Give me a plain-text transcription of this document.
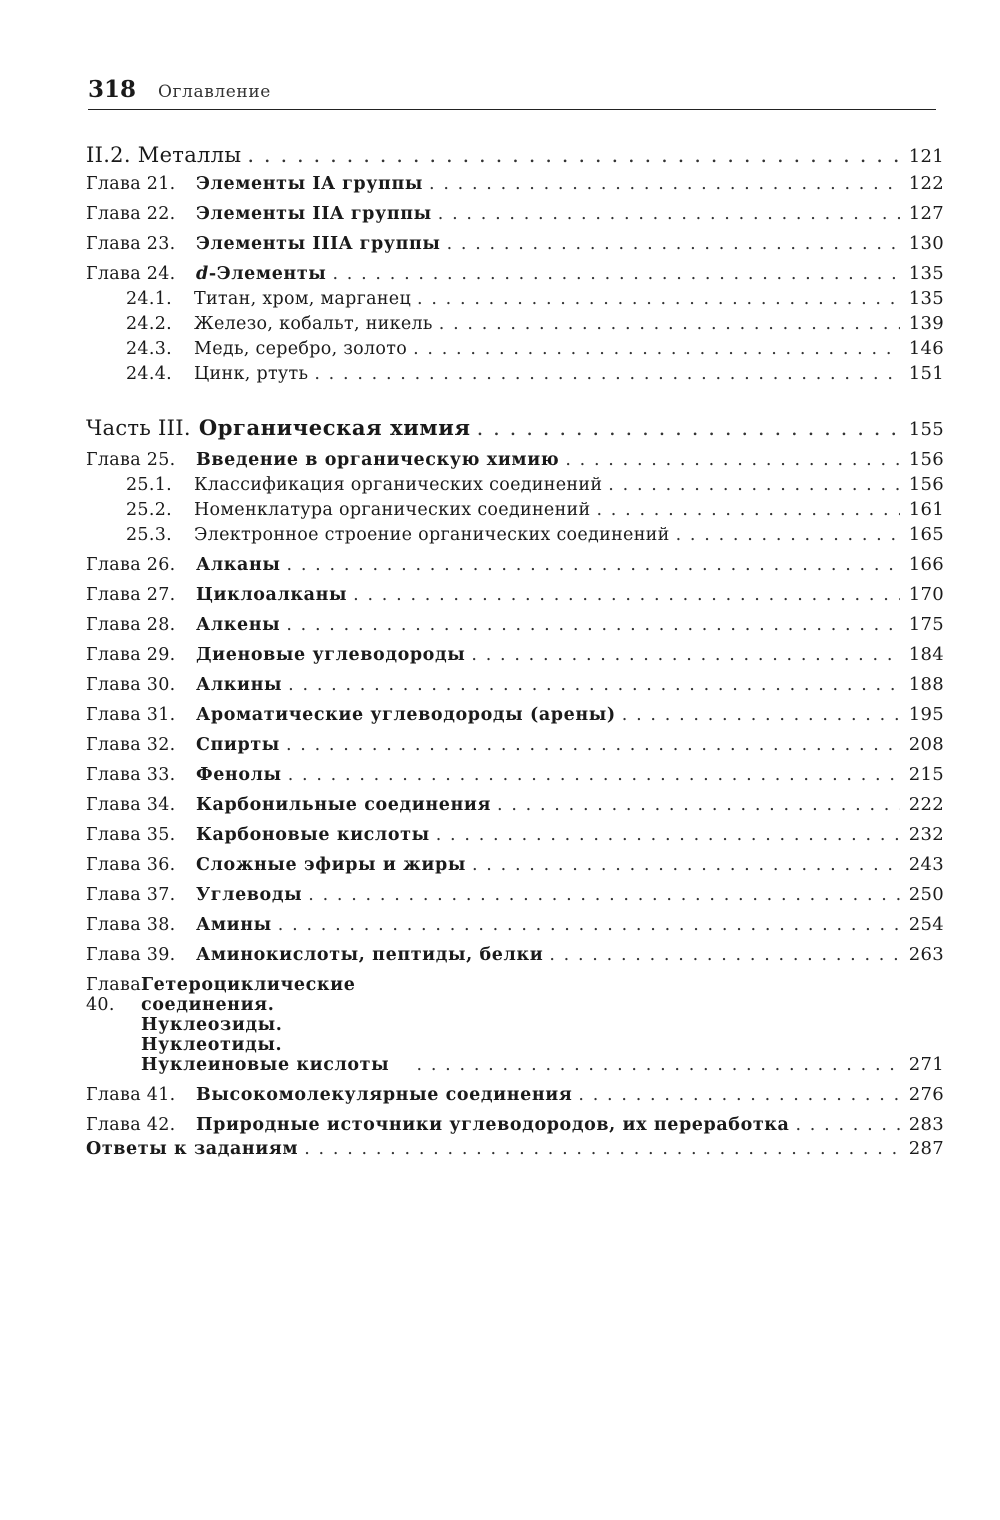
318 Оглавление
II.2. Металлы . . .	121
Глава 21. Элементы IA группы . . .	122
Глава 22. Элементы IIA группы . . .	127
Глава 23. Элементы IIIA группы . . .	130
Глава 24. d-Элементы . . .	135
24.1. Титан, хром, марганец . . .	135
24.2. Железо, кобальт, никель . . .	139
24.3. Медь, серебро, золото . . .	146
24.4. Цинк, ртуть . . .	151
Часть III. Органическая химия . . .	155
Глава 25. Введение в органическую химию . . .	156
25.1. Классификация органических соединений . . .	156
25.2. Номенклатура органических соединений . . .	161
25.3. Электронное строение органических соединений . . .	165
Глава 26. Алканы . . .	166
Глава 27. Циклоалканы . . .	170
Глава 28. Алкены . . .	175
Глава 29. Диеновые углеводороды . . .	184
Глава 30. Алкины . . .	188
Глава 31. Ароматические углеводороды (арены) . . .	195
Глава 32. Спирты . . .	208
Глава 33. Фенолы . . .	215
Глава 34. Карбонильные соединения . . .	222
Глава 35. Карбоновые кислоты . . .	232
Глава 36. Сложные эфиры и жиры . . .	243
Глава 37. Углеводы . . .	250
Глава 38. Амины . . .	254
Глава 39. Аминокислоты, пептиды, белки . . .	263
Глава 40.
Гетероциклические соединения. Нуклеозиды. Нуклеотиды.
Нуклеиновые кислоты . . .	271
Глава 41. Высокомолекулярные соединения . . .	276
Глава 42. Природные источники углеводородов, их переработка . . .	283
Ответы к заданиям . . .	287
